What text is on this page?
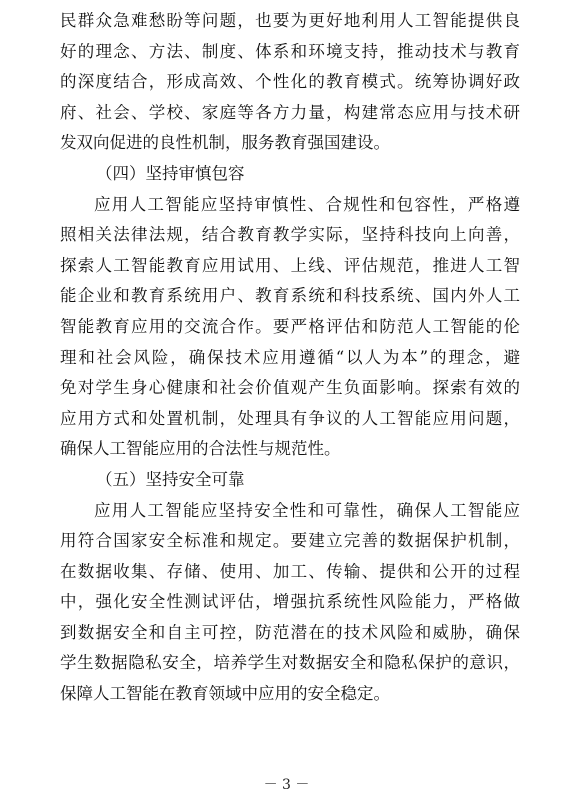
民群众急难愁盼等问题，也要为更好地利用人工智能提供良
好的理念、方法、制度、体系和环境支持，推动技术与教育
的深度结合，形成高效、个性化的教育模式。统筹协调好政
府、社会、学校、家庭等各方力量，构建常态应用与技术研
发双向促进的良性机制，服务教育强国建设。
（四）坚持审慎包容
应用人工智能应坚持审慎性、合规性和包容性，严格遵
照相关法律法规，结合教育教学实际，坚持科技向上向善，
探索人工智能教育应用试用、上线、评估规范，推进人工智
能企业和教育系统用户、教育系统和科技系统、国内外人工
智能教育应用的交流合作。要严格评估和防范人工智能的伦
理和社会风险，确保技术应用遵循“以人为本”的理念，避
免对学生身心健康和社会价值观产生负面影响。探索有效的
应用方式和处置机制，处理具有争议的人工智能应用问题，
确保人工智能应用的合法性与规范性。
（五）坚持安全可靠
应用人工智能应坚持安全性和可靠性，确保人工智能应
用符合国家安全标准和规定。要建立完善的数据保护机制，
在数据收集、存储、使用、加工、传输、提供和公开的过程
中，强化安全性测试评估，增强抗系统性风险能力，严格做
到数据安全和自主可控，防范潜在的技术风险和威胁，确保
学生数据隐私安全，培养学生对数据安全和隐私保护的意识，
保障人工智能在教育领域中应用的安全稳定。
－ 3 －
